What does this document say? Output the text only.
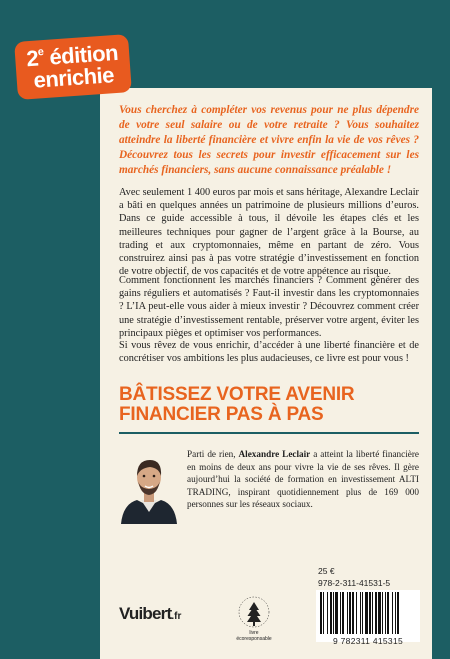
2e édition
enrichie

Vous cherchez à compléter vos revenus pour ne plus dépendre de votre seul salaire ou de votre retraite ? Vous souhaitez atteindre la liberté financière et vivre enfin la vie de vos rêves ? Découvrez tous les secrets pour investir efficacement sur les marchés financiers, sans aucune connaissance préalable !

Avec seulement 1 400 euros par mois et sans héritage, Alexandre Leclair a bâti en quelques années un patrimoine de plusieurs millions d’euros. Dans ce guide accessible à tous, il dévoile les étapes clés et les meilleures techniques pour gagner de l’argent grâce à la Bourse, au trading et aux cryptomonnaies, même en partant de zéro. Vous construirez ainsi pas à pas votre stratégie d’investissement en fonction de votre objectif, de vos capacités et de votre appétence au risque.

Comment fonctionnent les marchés financiers ? Comment générer des gains réguliers et automatisés ? Faut-il investir dans les cryptomonnaies ? L’IA peut-elle vous aider à mieux investir ? Découvrez comment créer une stratégie d’investissement rentable, préserver votre argent, éviter les principaux pièges et optimiser vos performances.

Si vous rêvez de vous enrichir, d’accéder à une liberté financière et de concrétiser vos ambitions les plus audacieuses, ce livre est pour vous !

BÂTISSEZ VOTRE AVENIR
FINANCIER PAS À PAS

Parti de rien, Alexandre Leclair a atteint la liberté financière en moins de deux ans pour vivre la vie de ses rêves. Il gère aujourd’hui la société de formation en investissement ALTI TRADING, inspirant quotidiennement plus de 169 000 personnes sur les réseaux sociaux.

Vuibert.fr
livre écoresponsable
25 €
978-2-311-41531-5
9 782311 415315
